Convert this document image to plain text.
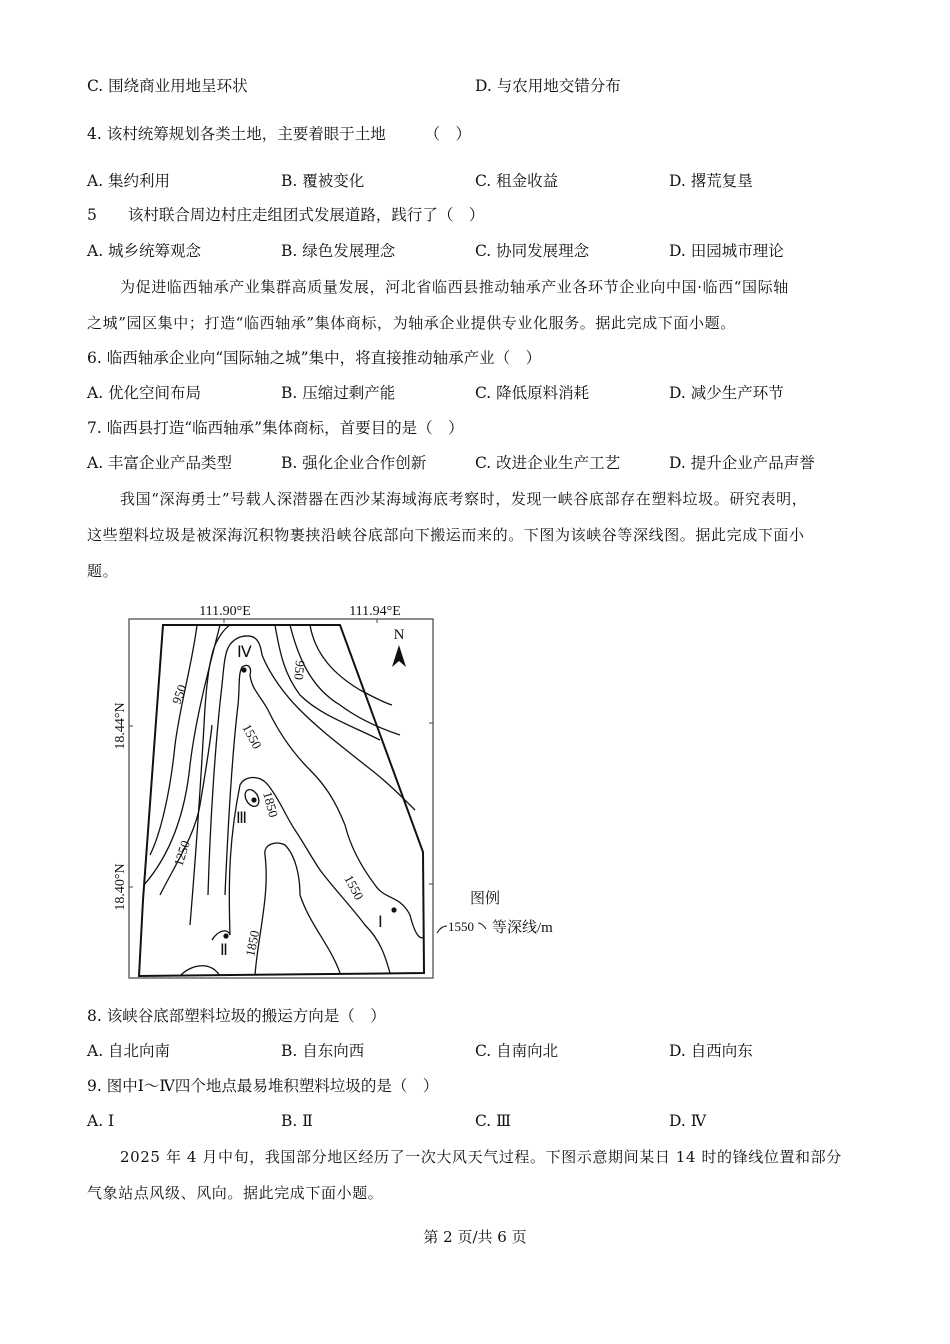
C. 围绕商业用地呈环状	D. 与农用地交错分布
4. 该村统筹规划各类土地，主要着眼于土地　　　（　）
A. 集约利用	B. 覆被变化	C. 租金收益	D. 撂荒复垦
5　　该村联合周边村庄走组团式发展道路，践行了（　）
A. 城乡统筹观念	B. 绿色发展理念	C. 协同发展理念	D. 田园城市理论
为促进临西轴承产业集群高质量发展，河北省临西县推动轴承产业各环节企业向中国·临西“国际轴
之城”园区集中；打造“临西轴承”集体商标，为轴承企业提供专业化服务。据此完成下面小题。
6. 临西轴承企业向“国际轴之城”集中，将直接推动轴承产业（　）
A. 优化空间布局	B. 压缩过剩产能	C. 降低原料消耗	D. 减少生产环节
7. 临西县打造“临西轴承”集体商标，首要目的是（　）
A. 丰富企业产品类型	B. 强化企业合作创新	C. 改进企业生产工艺	D. 提升企业产品声誉
我国“深海勇士”号载人深潜器在西沙某海域海底考察时，发现一峡谷底部存在塑料垃圾。研究表明，
这些塑料垃圾是被深海沉积物裹挟沿峡谷底部向下搬运而来的。下图为该峡谷等深线图。据此完成下面小
题。
950
950
1550
1850
1250
1550
1850
Ⅳ
Ⅲ
Ⅱ
Ⅰ
111.90°E	111.94°E
18.44°N
18.40°N
N
图例
1550 等深线/m
8. 该峡谷底部塑料垃圾的搬运方向是（　）
A. 自北向南	B. 自东向西	C. 自南向北	D. 自西向东
9. 图中Ⅰ～Ⅳ四个地点最易堆积塑料垃圾的是（　）
A. Ⅰ	B. Ⅱ	C. Ⅲ	D. Ⅳ
2025 年 4 月中旬，我国部分地区经历了一次大风天气过程。下图示意期间某日 14 时的锋线位置和部分
气象站点风级、风向。据此完成下面小题。
第 2 页/共 6 页
